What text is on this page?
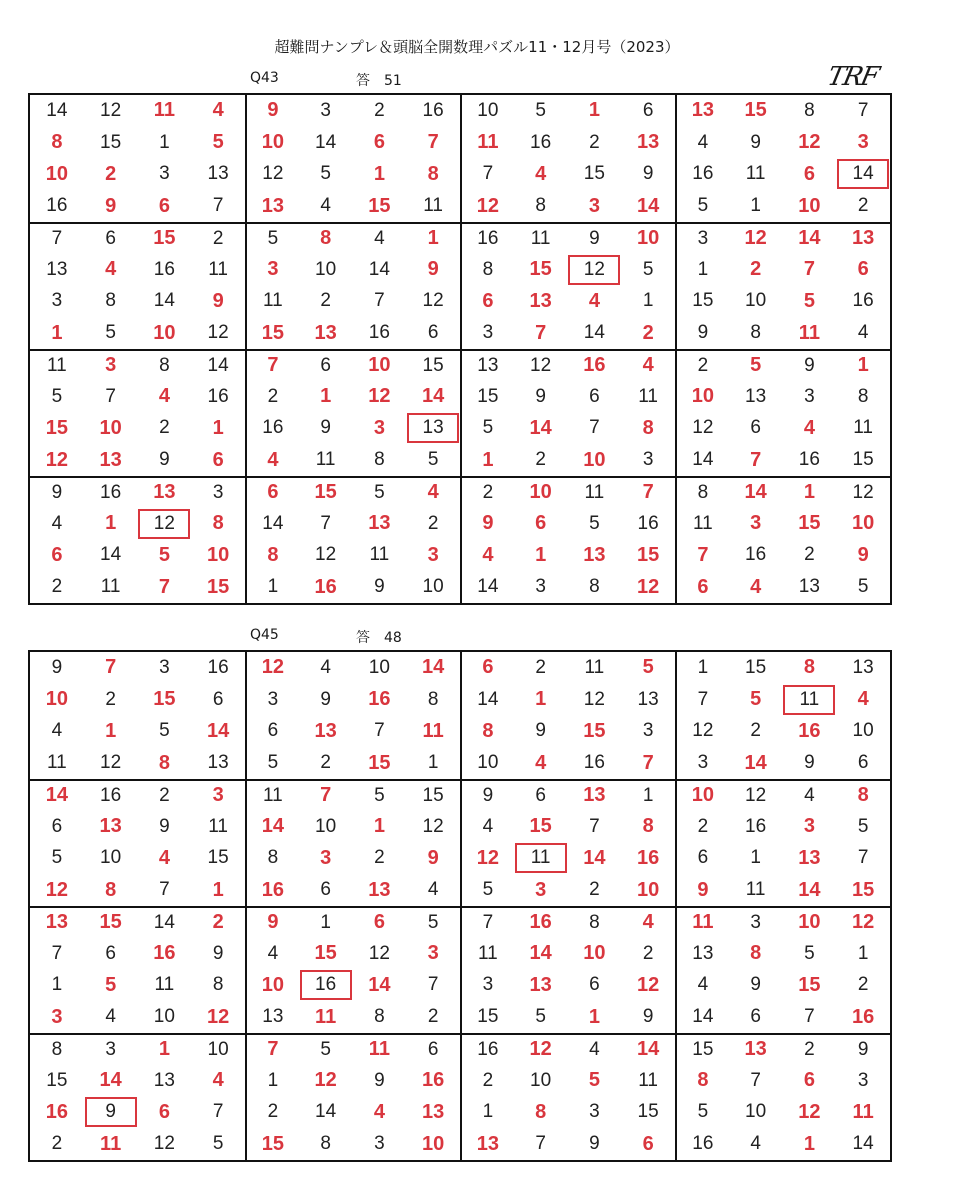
超難問ナンプレ＆頭脳全開数理パズル11・12月号（2023）
TRF
Q43	答　51
14	12	11	4	9	3	2	16	10	5	1	6	13	15	8	7
8	15	1	5	10	14	6	7	11	16	2	13	4	9	12	3
10	2	3	13	12	5	1	8	7	4	15	9	16	11	6	14
16	9	6	7	13	4	15	11	12	8	3	14	5	1	10	2
7	6	15	2	5	8	4	1	16	11	9	10	3	12	14	13
13	4	16	11	3	10	14	9	8	15	12	5	1	2	7	6
3	8	14	9	11	2	7	12	6	13	4	1	15	10	5	16
1	5	10	12	15	13	16	6	3	7	14	2	9	8	11	4
11	3	8	14	7	6	10	15	13	12	16	4	2	5	9	1
5	7	4	16	2	1	12	14	15	9	6	11	10	13	3	8
15	10	2	1	16	9	3	13	5	14	7	8	12	6	4	11
12	13	9	6	4	11	8	5	1	2	10	3	14	7	16	15
9	16	13	3	6	15	5	4	2	10	11	7	8	14	1	12
4	1	12	8	14	7	13	2	9	6	5	16	11	3	15	10
6	14	5	10	8	12	11	3	4	1	13	15	7	16	2	9
2	11	7	15	1	16	9	10	14	3	8	12	6	4	13	5
Q45	答　48
9	7	3	16	12	4	10	14	6	2	11	5	1	15	8	13
10	2	15	6	3	9	16	8	14	1	12	13	7	5	11	4
4	1	5	14	6	13	7	11	8	9	15	3	12	2	16	10
11	12	8	13	5	2	15	1	10	4	16	7	3	14	9	6
14	16	2	3	11	7	5	15	9	6	13	1	10	12	4	8
6	13	9	11	14	10	1	12	4	15	7	8	2	16	3	5
5	10	4	15	8	3	2	9	12	11	14	16	6	1	13	7
12	8	7	1	16	6	13	4	5	3	2	10	9	11	14	15
13	15	14	2	9	1	6	5	7	16	8	4	11	3	10	12
7	6	16	9	4	15	12	3	11	14	10	2	13	8	5	1
1	5	11	8	10	16	14	7	3	13	6	12	4	9	15	2
3	4	10	12	13	11	8	2	15	5	1	9	14	6	7	16
8	3	1	10	7	5	11	6	16	12	4	14	15	13	2	9
15	14	13	4	1	12	9	16	2	10	5	11	8	7	6	3
16	9	6	7	2	14	4	13	1	8	3	15	5	10	12	11
2	11	12	5	15	8	3	10	13	7	9	6	16	4	1	14
